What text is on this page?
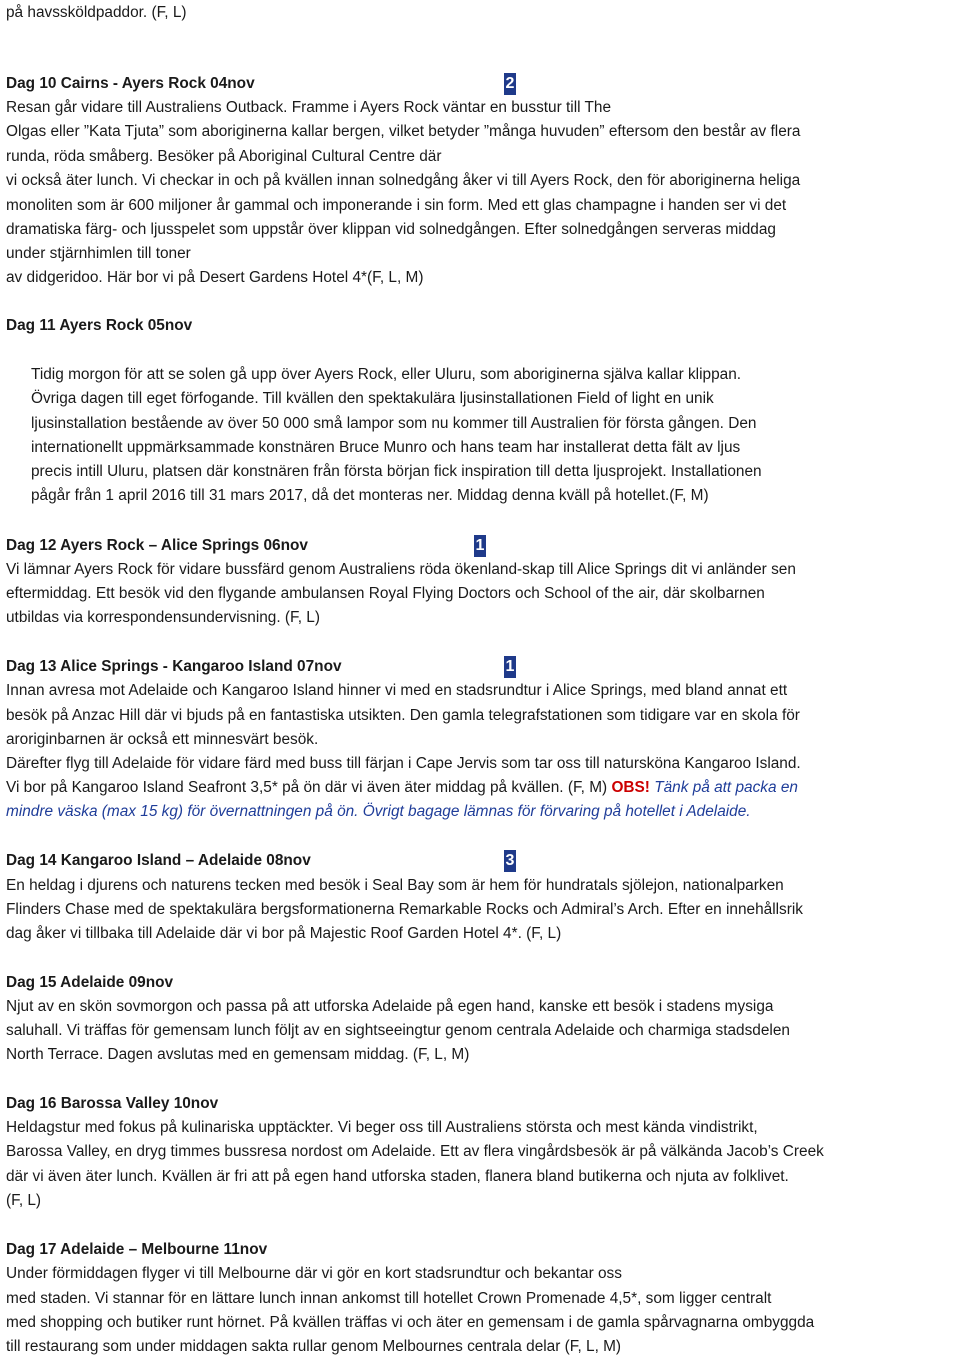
på havssköldpaddor. (F, L)
Dag 10 Cairns - Ayers Rock 04nov
Resan går vidare till Australiens Outback. Framme i Ayers Rock väntar en busstur till The
Olgas eller ”Kata Tjuta” som aboriginerna kallar bergen, vilket betyder ”många huvuden” eftersom den består av flera
runda, röda småberg. Besöker på Aboriginal Cultural Centre där
vi också äter lunch. Vi checkar in och på kvällen innan solnedgång åker vi till Ayers Rock, den för aboriginerna heliga
monoliten som är 600 miljoner år gammal och imponerande i sin form. Med ett glas champagne i handen ser vi det
dramatiska färg- och ljusspelet som uppstår över klippan vid solnedgången. Efter solnedgången serveras middag
under stjärnhimlen till toner
av didgeridoo. Här bor vi på Desert Gardens Hotel 4*(F, L, M)
Dag 11 Ayers Rock 05nov
Tidig morgon för att se solen gå upp över Ayers Rock, eller Uluru, som aboriginerna själva kallar klippan.
Övriga dagen till eget förfogande. Till kvällen den spektakulära ljusinstallationen Field of light en unik
ljusinstallation bestående av över 50 000 små lampor som nu kommer till Australien för första gången. Den
internationellt uppmärksammade konstnären Bruce Munro och hans team har installerat detta fält av ljus
precis intill Uluru, platsen där konstnären från första början fick inspiration till detta ljusprojekt. Installationen
pågår från 1 april 2016 till 31 mars 2017, då det monteras ner. Middag denna kväll på hotellet.(F, M)
Dag 12 Ayers Rock – Alice Springs 06nov
Vi lämnar Ayers Rock för vidare bussfärd genom Australiens röda ökenland-skap till Alice Springs dit vi anländer sen
eftermiddag. Ett besök vid den flygande ambulansen Royal Flying Doctors och School of the air, där skolbarnen
utbildas via korrespondensundervisning. (F, L)
Dag 13 Alice Springs - Kangaroo Island 07nov
Innan avresa mot Adelaide och Kangaroo Island hinner vi med en stadsrundtur i Alice Springs, med bland annat ett
besök på Anzac Hill där vi bjuds på en fantastiska utsikten. Den gamla telegrafstationen som tidigare var en skola för
aroriginbarnen är också ett minnesvärt besök.
Därefter flyg till Adelaide för vidare färd med buss till färjan i Cape Jervis som tar oss till natursköna Kangaroo Island.
Vi bor på Kangaroo Island Seafront 3,5* på ön där vi även äter middag på kvällen. (F, M) OBS! Tänk på att packa en
mindre väska (max 15 kg) för övernattningen på ön. Övrigt bagage lämnas för förvaring på hotellet i Adelaide.
Dag 14 Kangaroo Island – Adelaide 08nov
En heldag i djurens och naturens tecken med besök i Seal Bay som är hem för hundratals sjölejon, nationalparken
Flinders Chase med de spektakulära bergsformationerna Remarkable Rocks och Admiral’s Arch. Efter en innehållsrik
dag åker vi tillbaka till Adelaide där vi bor på Majestic Roof Garden Hotel 4*. (F, L)
Dag 15 Adelaide 09nov
Njut av en skön sovmorgon och passa på att utforska Adelaide på egen hand, kanske ett besök i stadens mysiga
saluhall. Vi träffas för gemensam lunch följt av en sightseeingtur genom centrala Adelaide och charmiga stadsdelen
North Terrace. Dagen avslutas med en gemensam middag. (F, L, M)
Dag 16 Barossa Valley 10nov
Heldagstur med fokus på kulinariska upptäckter. Vi beger oss till Australiens största och mest kända vindistrikt,
Barossa Valley, en dryg timmes bussresa nordost om Adelaide. Ett av flera vingårdsbesök är på välkända Jacob’s Creek
där vi även äter lunch. Kvällen är fri att på egen hand utforska staden, flanera bland butikerna och njuta av folklivet.
(F, L)
Dag 17 Adelaide – Melbourne 11nov
Under förmiddagen flyger vi till Melbourne där vi gör en kort stadsrundtur och bekantar oss
med staden. Vi stannar för en lättare lunch innan ankomst till hotellet Crown Promenade 4,5*, som ligger centralt
med shopping och butiker runt hörnet. På kvällen träffas vi och äter en gemensam i de gamla spårvagnarna ombyggda
till restaurang som under middagen sakta rullar genom Melbournes centrala delar (F, L, M)
2
1
1
3
